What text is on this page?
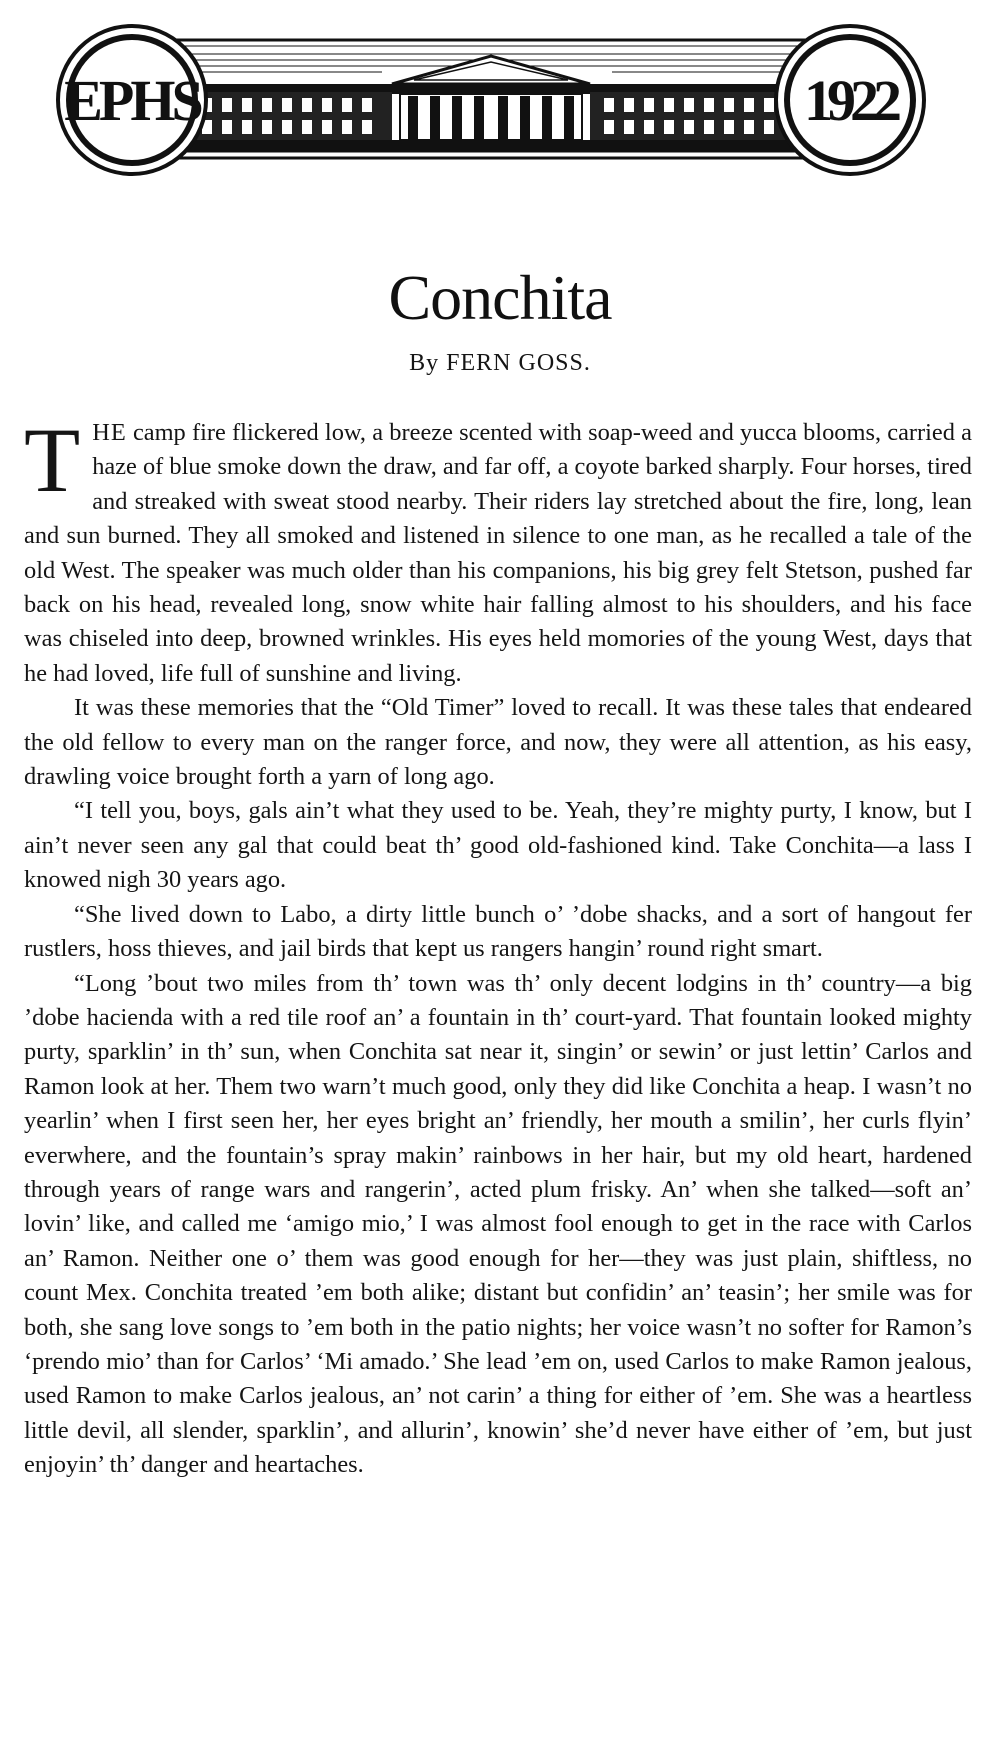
EPHS	1922
Conchita
By FERN GOSS.

THE camp fire flickered low, a breeze scented with soap-weed and yucca blooms, carried a haze of blue smoke down the draw, and far off, a coyote barked sharply. Four horses, tired and streaked with sweat stood nearby. Their riders lay stretched about the fire, long, lean and sun burned. They all smoked and listened in silence to one man, as he recalled a tale of the old West. The speaker was much older than his companions, his big grey felt Stetson, pushed far back on his head, revealed long, snow white hair falling almost to his shoulders, and his face was chiseled into deep, browned wrinkles. His eyes held momories of the young West, days that he had loved, life full of sunshine and living.

It was these memories that the “Old Timer” loved to recall. It was these tales that endeared the old fellow to every man on the ranger force, and now, they were all attention, as his easy, drawling voice brought forth a yarn of long ago.

“I tell you, boys, gals ain’t what they used to be. Yeah, they’re mighty purty, I know, but I ain’t never seen any gal that could beat th’ good old-fashioned kind. Take Conchita—a lass I knowed nigh 30 years ago.

“She lived down to Labo, a dirty little bunch o’ ’dobe shacks, and a sort of hangout fer rustlers, hoss thieves, and jail birds that kept us rangers hangin’ round right smart.

“Long ’bout two miles from th’ town was th’ only decent lodgins in th’ country—a big ’dobe hacienda with a red tile roof an’ a fountain in th’ court-yard. That fountain looked mighty purty, sparklin’ in th’ sun, when Conchita sat near it, singin’ or sewin’ or just lettin’ Carlos and Ramon look at her. Them two warn’t much good, only they did like Conchita a heap. I wasn’t no yearlin’ when I first seen her, her eyes bright an’ friendly, her mouth a smilin’, her curls flyin’ everwhere, and the fountain’s spray makin’ rainbows in her hair, but my old heart, hardened through years of range wars and rangerin’, acted plum frisky. An’ when she talked—soft an’ lovin’ like, and called me ‘amigo mio,’ I was almost fool enough to get in the race with Carlos an’ Ramon. Neither one o’ them was good enough for her—they was just plain, shiftless, no count Mex. Conchita treated ’em both alike; distant but confidin’ an’ teasin’; her smile was for both, she sang love songs to ’em both in the patio nights; her voice wasn’t no softer for Ramon’s ‘prendo mio’ than for Carlos’ ‘Mi amado.’ She lead ’em on, used Carlos to make Ramon jealous, used Ramon to make Carlos jealous, an’ not carin’ a thing for either of ’em. She was a heartless little devil, all slender, sparklin’, and allurin’, knowin’ she’d never have either of ’em, but just enjoyin’ th’ danger and heartaches.
